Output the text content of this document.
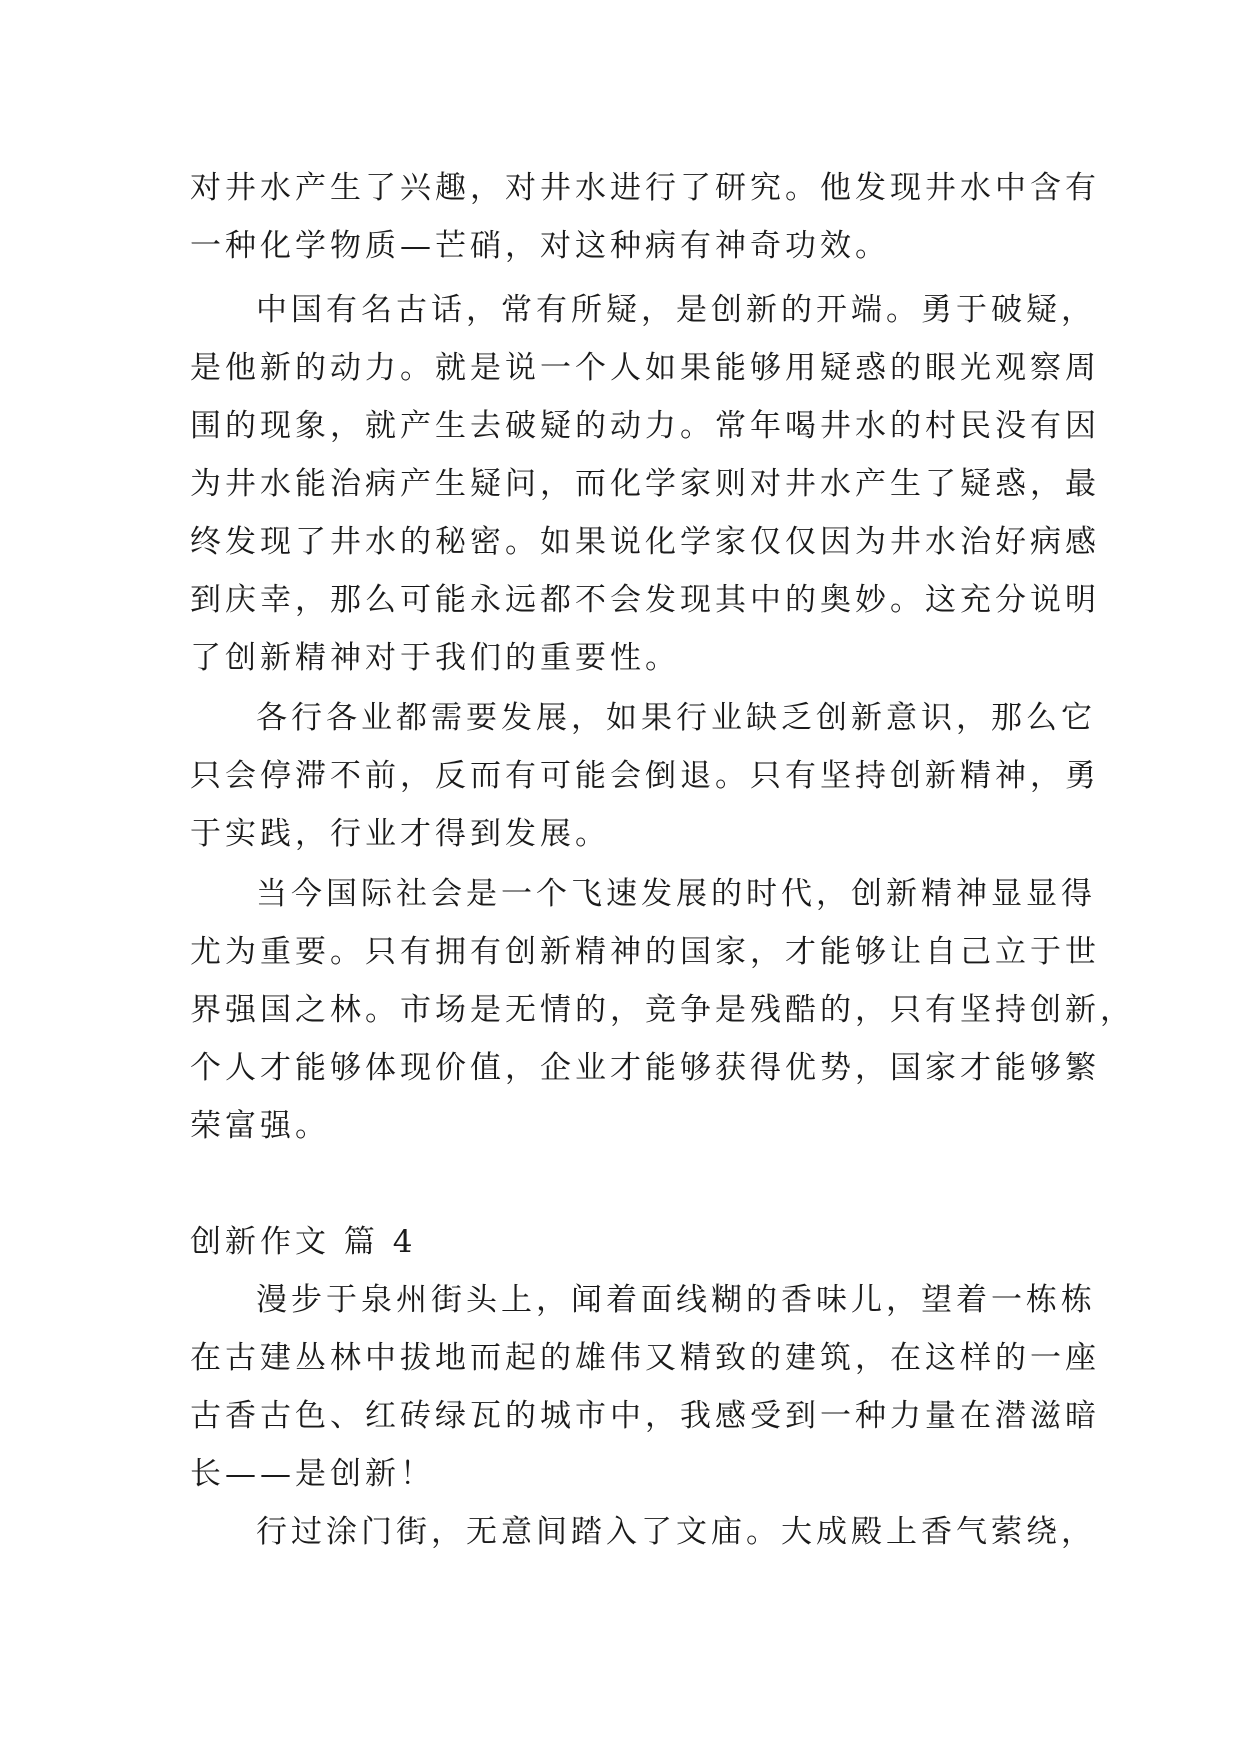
对井水产生了兴趣，对井水进行了研究。他发现井水中含有
一种化学物质—芒硝，对这种病有神奇功效。
中国有名古话，常有所疑，是创新的开端。勇于破疑，
是他新的动力。就是说一个人如果能够用疑惑的眼光观察周
围的现象，就产生去破疑的动力。常年喝井水的村民没有因
为井水能治病产生疑问，而化学家则对井水产生了疑惑，最
终发现了井水的秘密。如果说化学家仅仅因为井水治好病感
到庆幸，那么可能永远都不会发现其中的奥妙。这充分说明
了创新精神对于我们的重要性。
各行各业都需要发展，如果行业缺乏创新意识，那么它
只会停滞不前，反而有可能会倒退。只有坚持创新精神，勇
于实践，行业才得到发展。
当今国际社会是一个飞速发展的时代，创新精神显显得
尤为重要。只有拥有创新精神的国家，才能够让自己立于世
界强国之林。市场是无情的，竞争是残酷的，只有坚持创新，
个人才能够体现价值，企业才能够获得优势，国家才能够繁
荣富强。
创新作文 篇 4
漫步于泉州街头上，闻着面线糊的香味儿，望着一栋栋
在古建丛林中拔地而起的雄伟又精致的建筑，在这样的一座
古香古色、红砖绿瓦的城市中，我感受到一种力量在潜滋暗
长——是创新！
行过涂门街，无意间踏入了文庙。大成殿上香气萦绕，
